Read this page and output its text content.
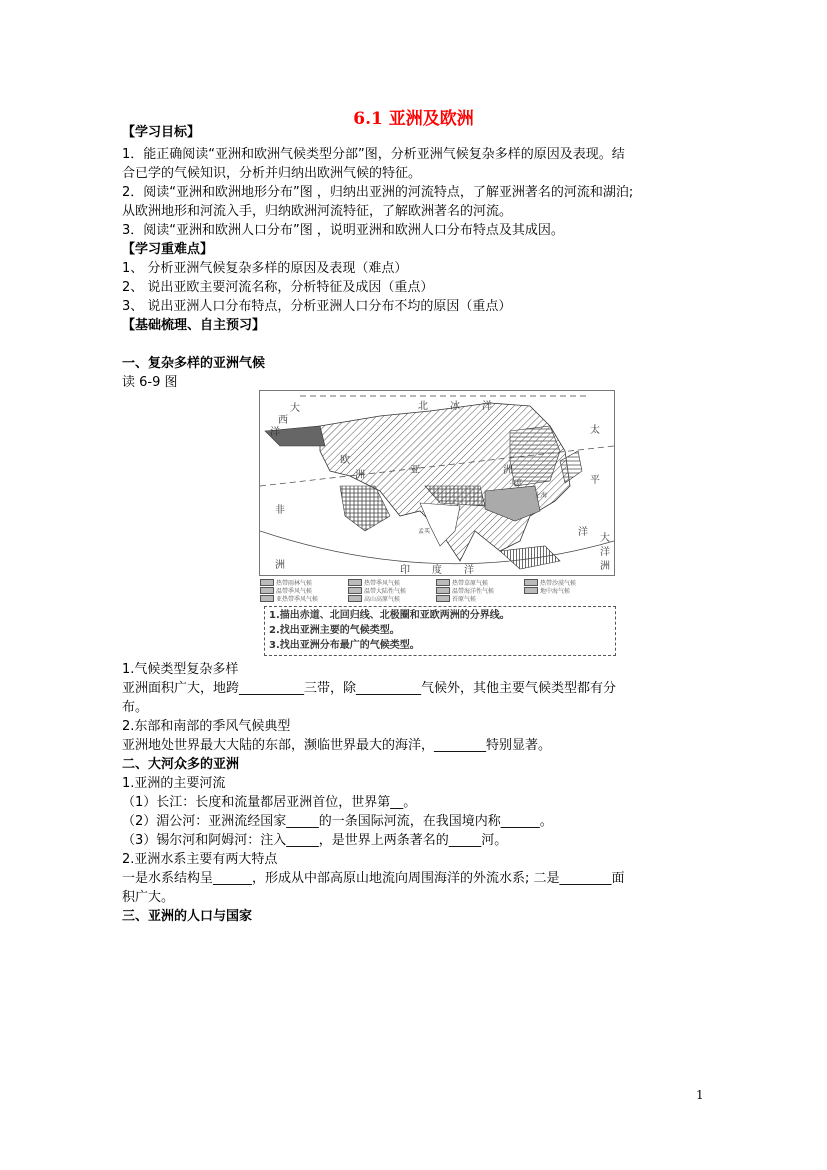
6.1 亚洲及欧洲
【学习目标】
1．能正确阅读“亚洲和欧洲气候类型分部”图，分析亚洲气候复杂多样的原因及表现。结
合已学的气候知识，分析并归纳出欧洲气候的特征。
2．阅读“亚洲和欧洲地形分布”图 ，归纳出亚洲的河流特点，了解亚洲著名的河流和湖泊;
从欧洲地形和河流入手，归纳欧洲河流特征，了解欧洲著名的河流。
3．阅读“亚洲和欧洲人口分布”图 ，说明亚洲和欧洲人口分布特点及其成因。
【学习重难点】
1、 分析亚洲气候复杂多样的原因及表现（难点）
2、 说出亚欧主要河流名称，分析特征及成因（重点）
3、 说出亚洲人口分布特点，分析亚洲人口分布不均的原因（重点）
【基础梳理、自主预习】
一、复杂多样的亚洲气候
读 6-9 图
大
西
洋
北 冰 洋
太
平
洋
欧
洲	亚	洲
非
洲	印 度 洋
大
洋
洲
北京
上海
孟买
热带雨林气候	热带季风气候	热带草原气候	热带沙漠气候
温带季风气候	温带大陆性气候	温带海洋性气候	地中海气候
亚热带季风气候	高山高原气候	苔原气候
1.描出赤道、北回归线、北极圈和亚欧两洲的分界线。
2.找出亚洲主要的气候类型。
3.找出亚洲分布最广的气候类型。
1.气候类型复杂多样
亚洲面积广大，地跨__________三带，除__________气候外，其他主要气候类型都有分
布。
2.东部和南部的季风气候典型
亚洲地处世界最大大陆的东部，濒临世界最大的海洋，________特别显著。
二、大河众多的亚洲
1.亚洲的主要河流
（1）长江：长度和流量都居亚洲首位，世界第__。
（2）湄公河：亚洲流经国家_____的一条国际河流，在我国境内称______。
（3）锡尔河和阿姆河：注入_____，是世界上两条著名的_____河。
2.亚洲水系主要有两大特点
一是水系结构呈______，形成从中部高原山地流向周围海洋的外流水系; 二是________面
积广大。
三、亚洲的人口与国家
1
